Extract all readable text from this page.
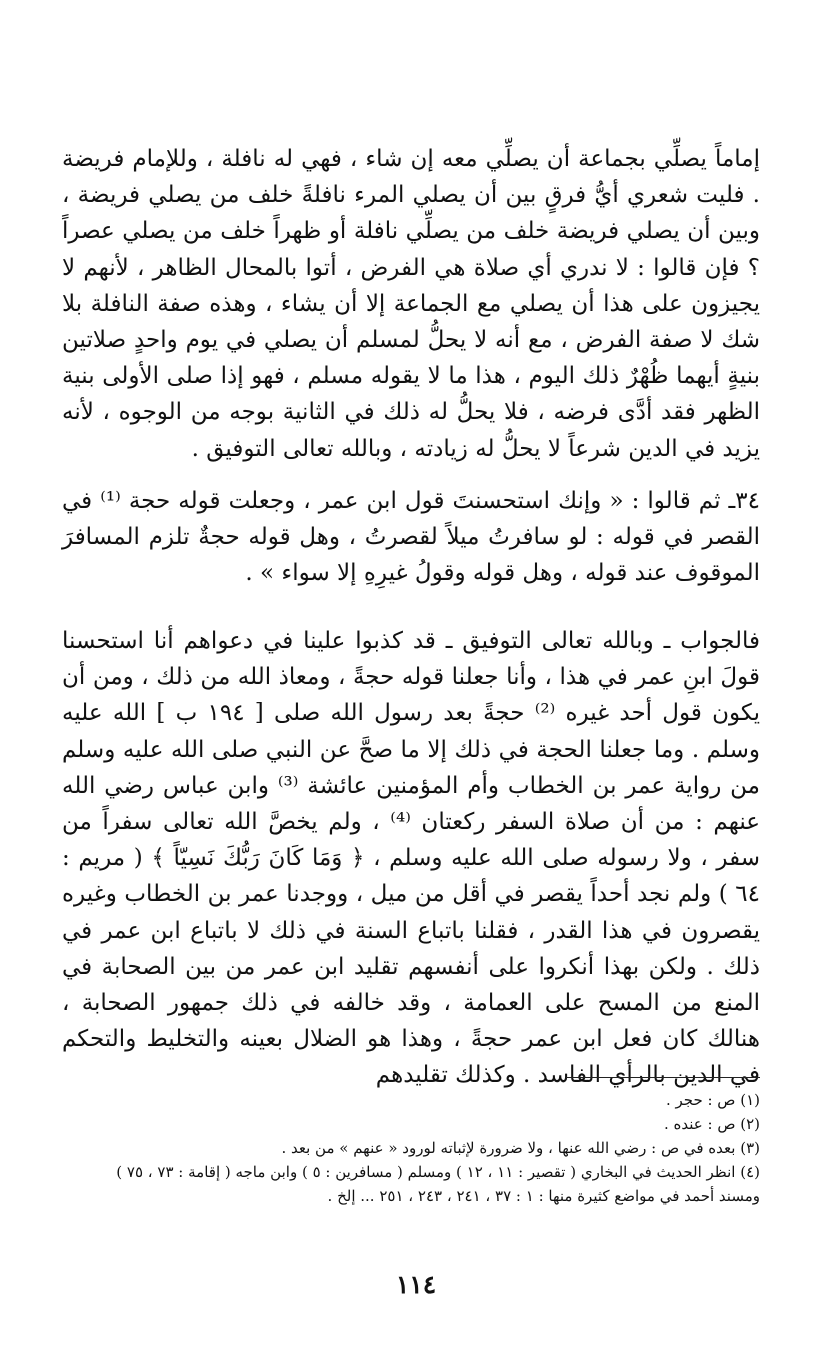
إماماً يصلِّي بجماعة أن يصلِّي معه إن شاء ، فهي له نافلة ، وللإمام فريضة . فليت شعري أيُّ فرقٍ بين أن يصلي المرء نافلةً خلف من يصلي فريضة ، وبين أن يصلي فريضة خلف من يصلِّي نافلة أو ظهراً خلف من يصلي عصراً ؟ فإن قالوا : لا ندري أي صلاة هي الفرض ، أتوا بالمحال الظاهر ، لأنهم لا يجيزون على هذا أن يصلي مع الجماعة إلا أن يشاء ، وهذه صفة النافلة بلا شك لا صفة الفرض ، مع أنه لا يحلُّ لمسلم أن يصلي في يوم واحدٍ صلاتين بنيةٍ أيهما ظُهْرٌ ذلك اليوم ، هذا ما لا يقوله مسلم ، فهو إذا صلى الأولى بنية الظهر فقد أدَّى فرضه ، فلا يحلُّ له ذلك في الثانية بوجه من الوجوه ، لأنه يزيد في الدين شرعاً لا يحلُّ له زيادته ، وبالله تعالى التوفيق .

٣٤ـ ثم قالوا : « وإنك استحسنتَ قول ابن عمر ، وجعلت قوله حجة ⁽¹⁾ في القصر في قوله : لو سافرتُ ميلاً لقصرتُ ، وهل قوله حجةٌ تلزم المسافرَ الموقوف عند قوله ، وهل قوله وقولُ غيرِهِ إلا سواء » .

فالجواب ـ وبالله تعالى التوفيق ـ قد كذبوا علينا في دعواهم أنا استحسنا قولَ ابنِ عمر في هذا ، وأنا جعلنا قوله حجةً ، ومعاذ الله من ذلك ، ومن أن يكون قول أحد غيره ⁽²⁾ حجةً بعد رسول الله صلى [ ١٩٤ ب ] الله عليه وسلم . وما جعلنا الحجة في ذلك إلا ما صحَّ عن النبي صلى الله عليه وسلم من رواية عمر بن الخطاب وأم المؤمنين عائشة ⁽³⁾ وابن عباس رضي الله عنهم : من أن صلاة السفر ركعتان ⁽⁴⁾ ، ولم يخصَّ الله تعالى سفراً من سفر ، ولا رسوله صلى الله عليه وسلم ، ﴿ وَمَا كَانَ رَبُّكَ نَسِيّاً ﴾ ( مريم : ٦٤ ) ولم نجد أحداً يقصر في أقل من ميل ، ووجدنا عمر بن الخطاب وغيره يقصرون في هذا القدر ، فقلنا باتباع السنة في ذلك لا باتباع ابن عمر في ذلك . ولكن بهذا أنكروا على أنفسهم تقليد ابن عمر من بين الصحابة في المنع من المسح على العمامة ، وقد خالفه في ذلك جمهور الصحابة ، هنالك كان فعل ابن عمر حجةً ، وهذا هو الضلال بعينه والتخليط والتحكم في الدين بالرأي الفاسد . وكذلك تقليدهم

(١) ص : حجر .
(٢) ص : عنده .
(٣) بعده في ص : رضي الله عنها ، ولا ضرورة لإثباته لورود « عنهم » من بعد .
(٤) انظر الحديث في البخاري ( تقصير : ١١ ، ١٢ ) ومسلم ( مسافرين : ٥ ) وابن ماجه ( إقامة : ٧٣ ، ٧٥ )
ومسند أحمد في مواضع كثيرة منها : ١ : ٣٧ ، ٢٤١ ، ٢٤٣ ، ٢٥١ ... إلخ .
١١٤
